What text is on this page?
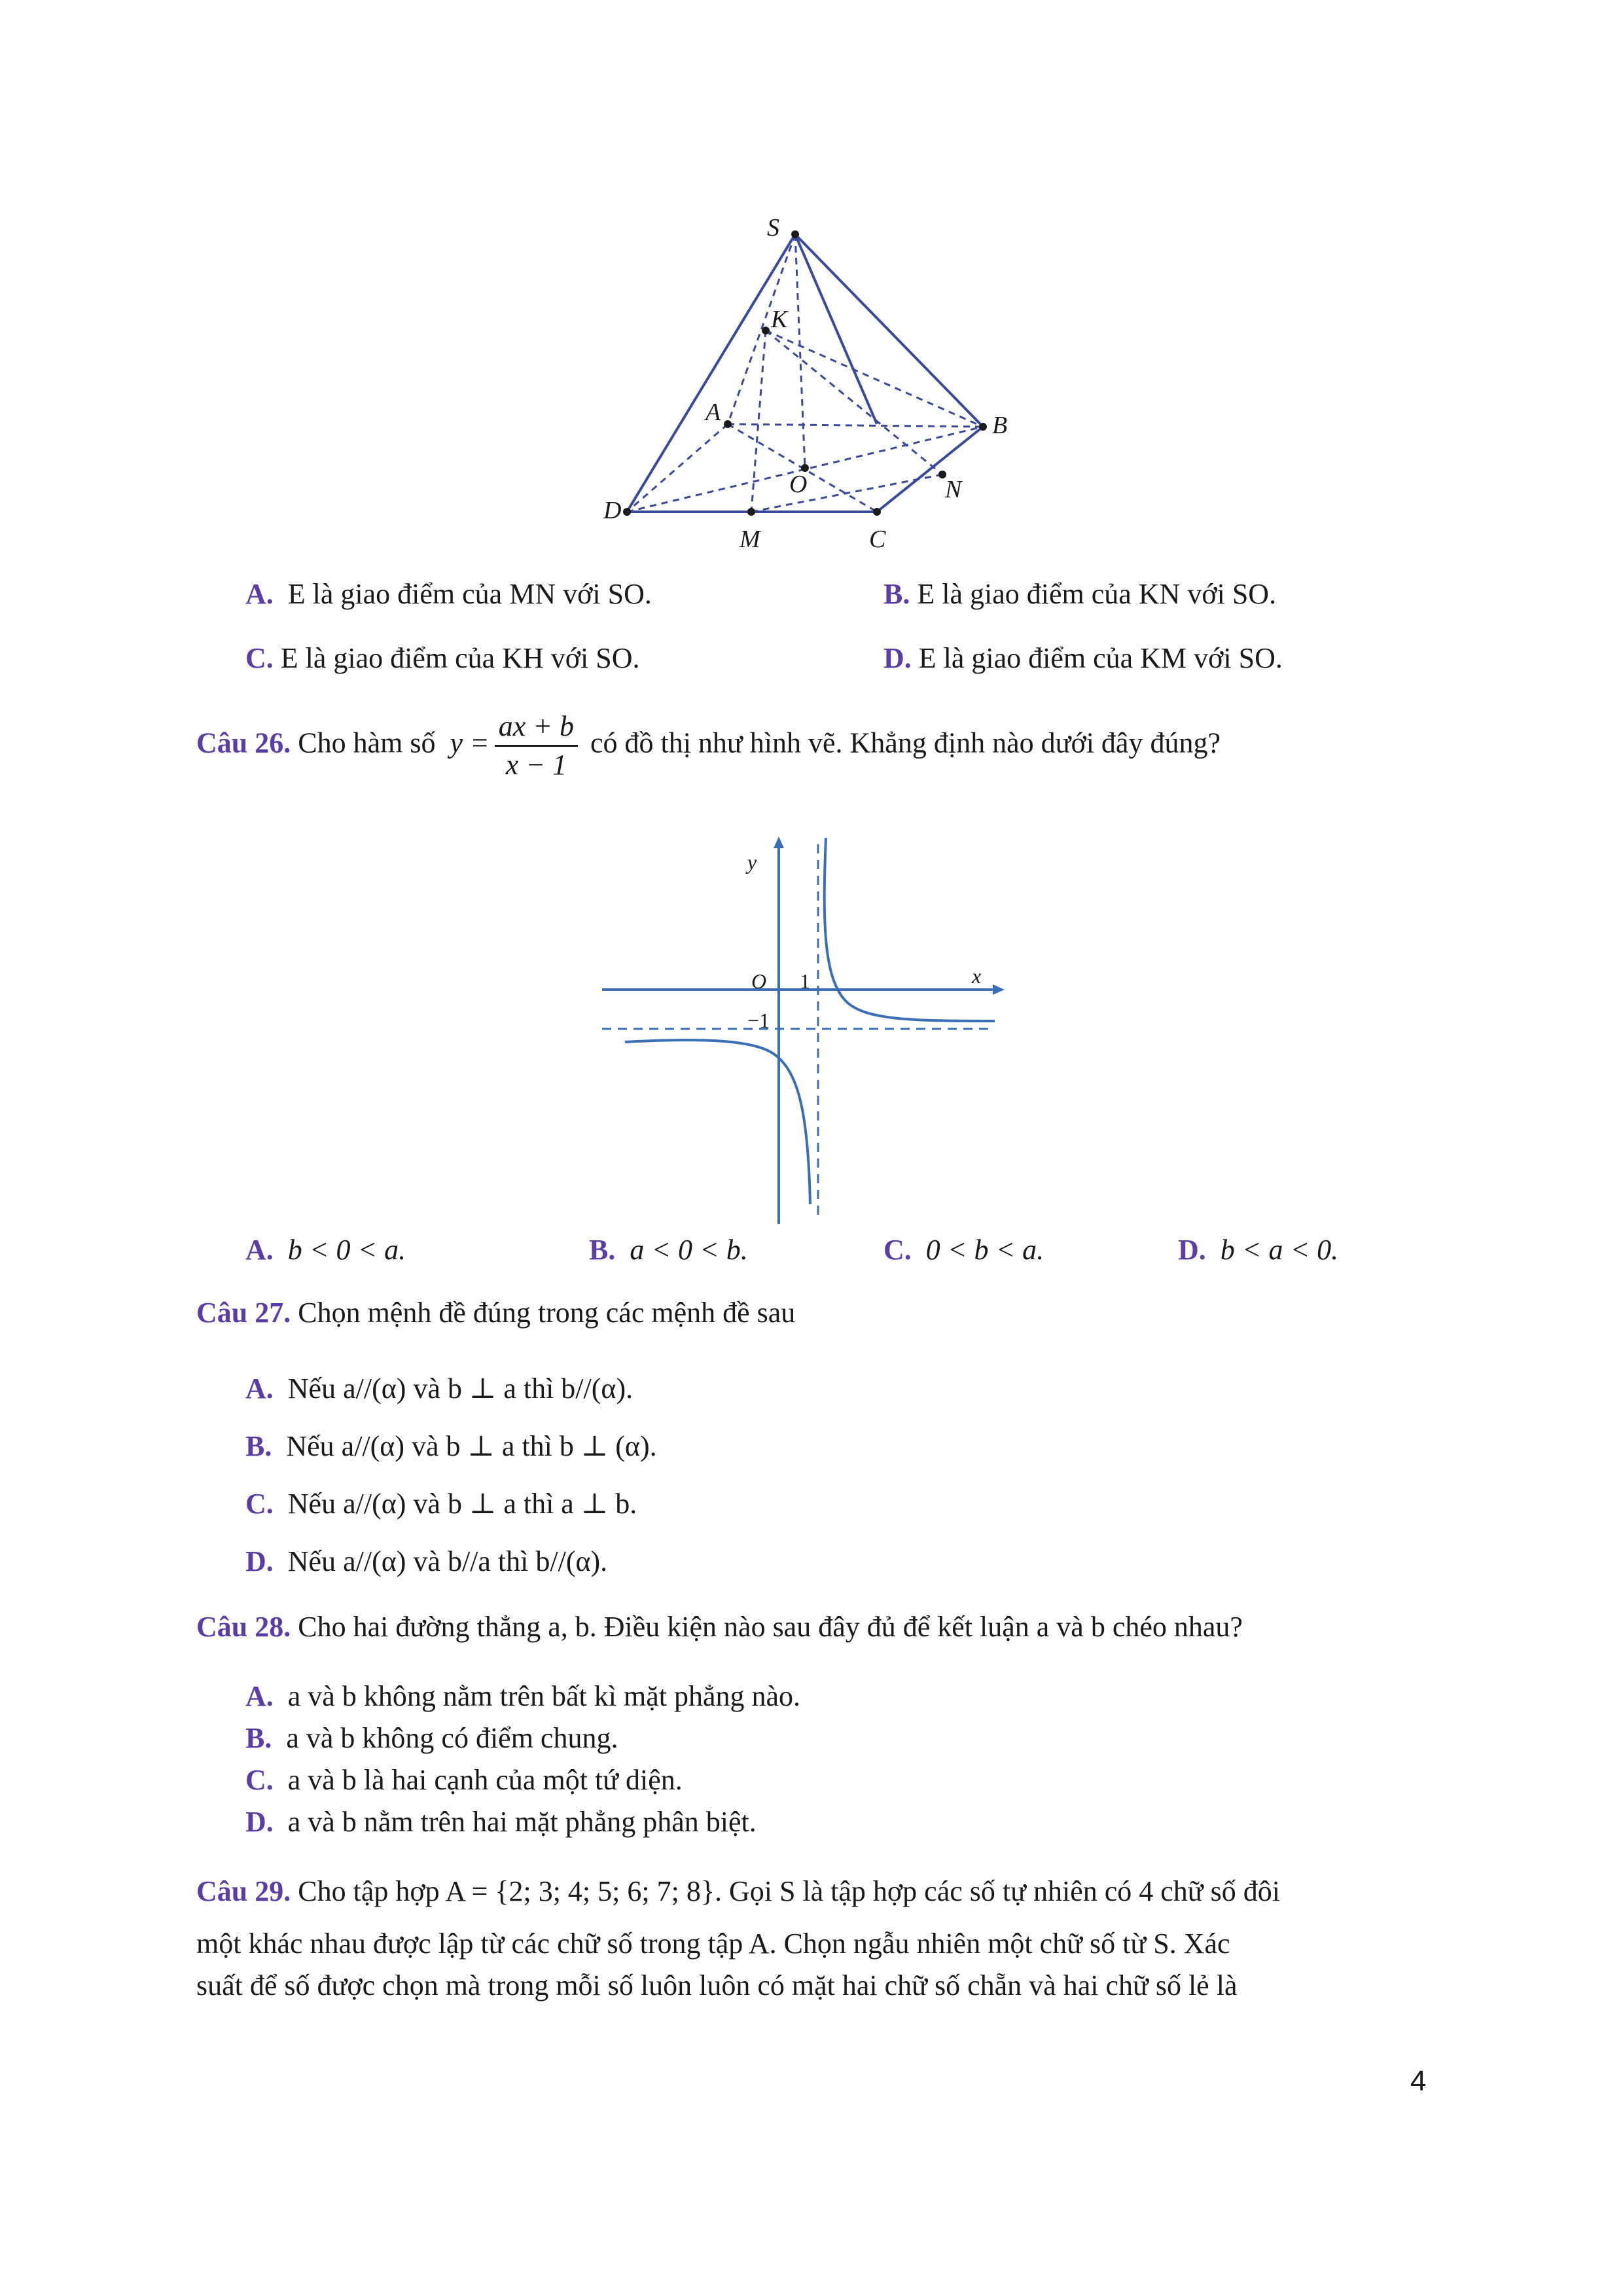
S
K
A	B
O	N
D
M	C
A. E là giao điểm của MN với SO.	B. E là giao điểm của KN với SO.
C. E là giao điểm của KH với SO.	D. E là giao điểm của KM với SO.
Câu 26. Cho hàm số $y = \frac{ax + b}{x - 1}$ có đồ thị như hình vẽ. Khẳng định nào dưới đây đúng?
y
x
O 1
−1
A. b < 0 < a.	B. a < 0 < b.	C. 0 < b < a.	D. b < a < 0.
Câu 27. Chọn mệnh đề đúng trong các mệnh đề sau
A. Nếu a//(α) và b ⊥ a thì b//(α).
B. Nếu a//(α) và b ⊥ a thì b ⊥ (α).
C. Nếu a//(α) và b ⊥ a thì a ⊥ b.
D. Nếu a//(α) và b//a thì b//(α).
Câu 28. Cho hai đường thẳng a, b. Điều kiện nào sau đây đủ để kết luận a và b chéo nhau?
A. a và b không nằm trên bất kì mặt phẳng nào.
B. a và b không có điểm chung.
C. a và b là hai cạnh của một tứ diện.
D. a và b nằm trên hai mặt phẳng phân biệt.
Câu 29. Cho tập hợp A = {2; 3; 4; 5; 6; 7; 8}. Gọi S là tập hợp các số tự nhiên có 4 chữ số đôi
một khác nhau được lập từ các chữ số trong tập A. Chọn ngẫu nhiên một chữ số từ S. Xác
suất để số được chọn mà trong mỗi số luôn luôn có mặt hai chữ số chẵn và hai chữ số lẻ là
4
